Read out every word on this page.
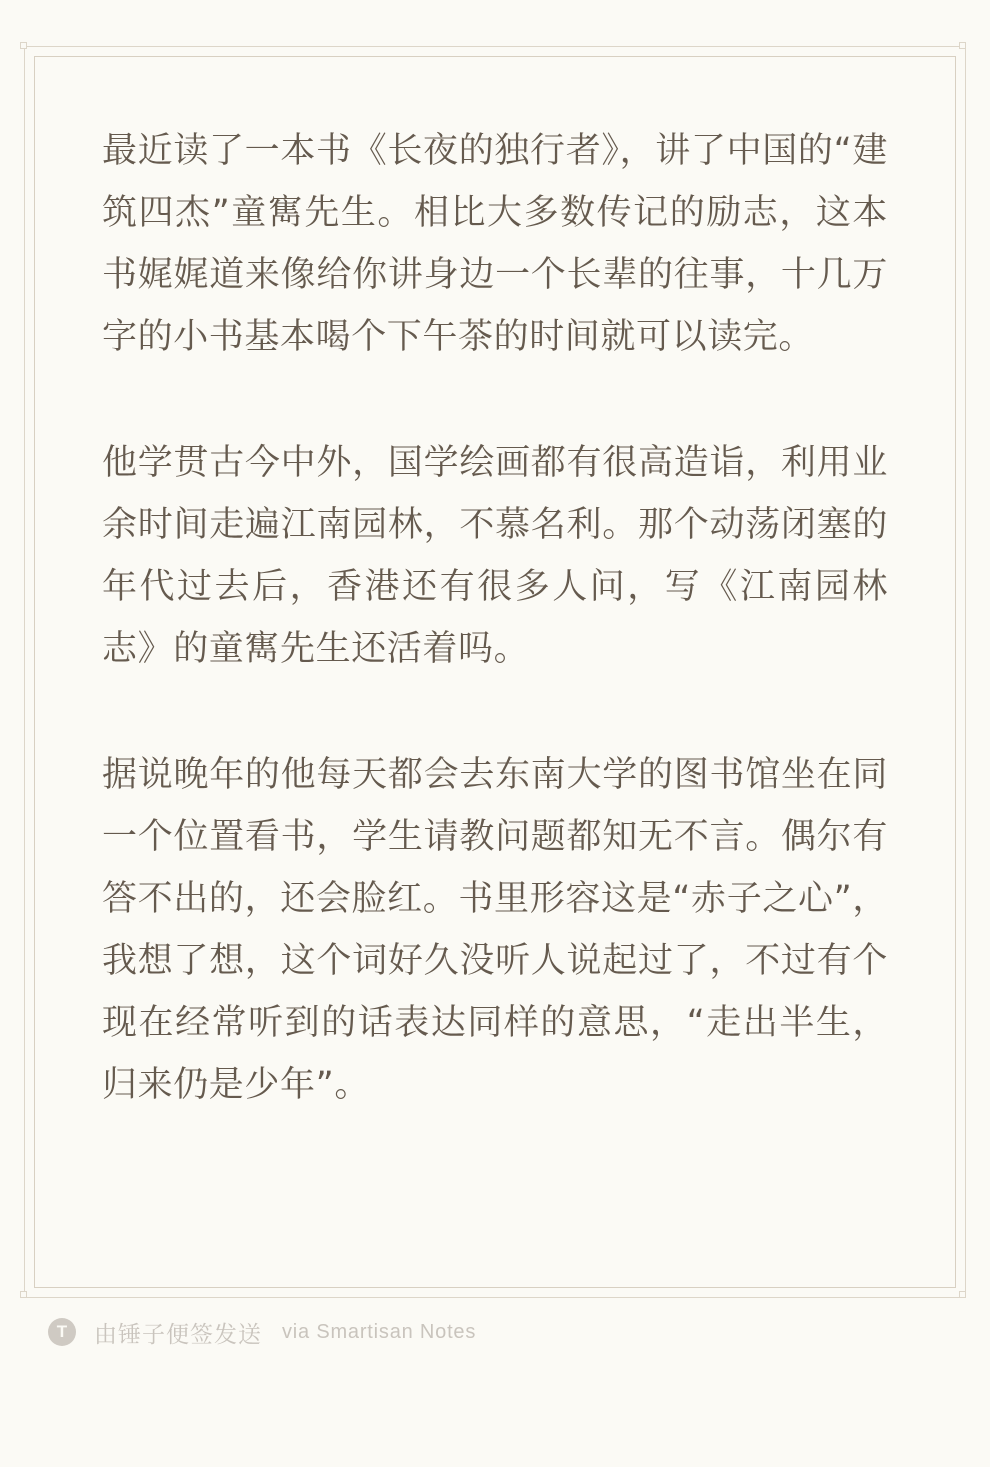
最近读了一本书《长夜的独行者》，讲了中国的“建筑四杰”童寯先生。相比大多数传记的励志，这本书娓娓道来像给你讲身边一个长辈的往事，十几万字的小书基本喝个下午茶的时间就可以读完。

他学贯古今中外，国学绘画都有很高造诣，利用业余时间走遍江南园林，不慕名利。那个动荡闭塞的年代过去后，香港还有很多人问，写《江南园林志》的童寯先生还活着吗。

据说晚年的他每天都会去东南大学的图书馆坐在同一个位置看书，学生请教问题都知无不言。偶尔有答不出的，还会脸红。书里形容这是“赤子之心”，我想了想，这个词好久没听人说起过了，不过有个现在经常听到的话表达同样的意思，“走出半生，归来仍是少年”。

T	由锤子便签发送 via Smartisan Notes
